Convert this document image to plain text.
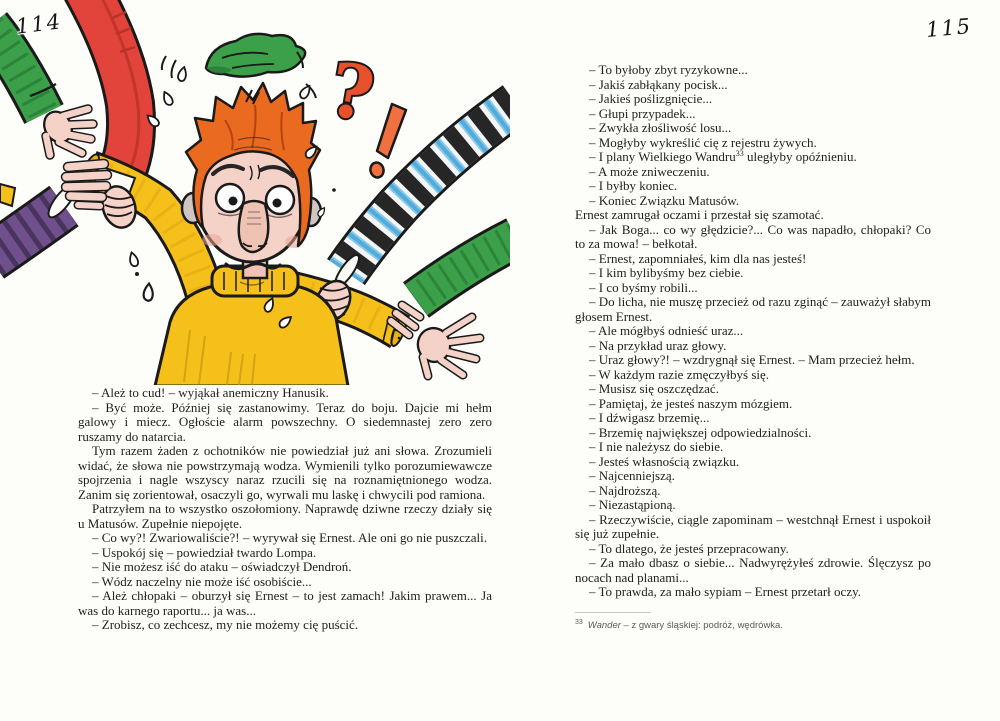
114	115
?

– Ależ to cud! – wyjąkał anemiczny Hanusik.

– Być może. Później się zastanowimy. Teraz do boju. Dajcie mi hełm galowy i miecz. Ogłoście alarm powszechny. O siedemnastej zero zero ruszamy do natarcia.

Tym razem żaden z ochotników nie powiedział już ani słowa. Zrozumieli widać, że słowa nie powstrzymają wodza. Wymienili tylko porozumiewawcze spojrzenia i nagle wszyscy naraz rzucili się na roznamiętnionego wodza. Zanim się zorientował, osaczyli go, wyrwali mu laskę i chwycili pod ramiona.

Patrzyłem na to wszystko oszołomiony. Naprawdę dziwne rzeczy działy się u Matusów. Zupełnie niepojęte.

– Co wy?! Zwariowaliście?! – wyrywał się Ernest. Ale oni go nie puszczali.

– Uspokój się – powiedział twardo Lompa.

– Nie możesz iść do ataku – oświadczył Dendroń.

– Wódz naczelny nie może iść osobiście...

– Ależ chłopaki – oburzył się Ernest – to jest zamach! Jakim prawem... Ja was do karnego raportu... ja was...

– Zrobisz, co zechcesz, my nie możemy cię puścić.

– To byłoby zbyt ryzykowne...

– Jakiś zabłąkany pocisk...

– Jakieś poślizgnięcie...

– Głupi przypadek...

– Zwykła złośliwość losu...

– Mogłyby wykreślić cię z rejestru żywych.

– I plany Wielkiego Wandru$^{33}$ uległyby opóźnieniu.

– A może zniweczeniu.

– I byłby koniec.

– Koniec Związku Matusów.

Ernest zamrugał oczami i przestał się szamotać.

– Jak Boga... co wy głędzicie?... Co was napadło, chłopaki? Co to za mowa! – bełkotał.

– Ernest, zapomniałeś, kim dla nas jesteś!

– I kim bylibyśmy bez ciebie.

– I co byśmy robili...

– Do licha, nie muszę przecież od razu zginąć – zauważył słabym głosem Ernest.

– Ale mógłbyś odnieść uraz...

– Na przykład uraz głowy.

– Uraz głowy?! – wzdrygnął się Ernest. – Mam przecież hełm.

– W każdym razie zmęczyłbyś się.

– Musisz się oszczędzać.

– Pamiętaj, że jesteś naszym mózgiem.

– I dźwigasz brzemię...

– Brzemię największej odpowiedzialności.

– I nie należysz do siebie.

– Jesteś własnością związku.

– Najcenniejszą.

– Najdroższą.

– Niezastąpioną.

– Rzeczywiście, ciągle zapominam – westchnął Ernest i uspokoił się już zupełnie.

– To dlatego, że jesteś przepracowany.

– Za mało dbasz o siebie... Nadwyrężyłeś zdrowie. Ślęczysz po nocach nad planami...

– To prawda, za mało sypiam – Ernest przetarł oczy.

$^{33}$ Wander – z gwary śląskiej: podróż, wędrówka.
